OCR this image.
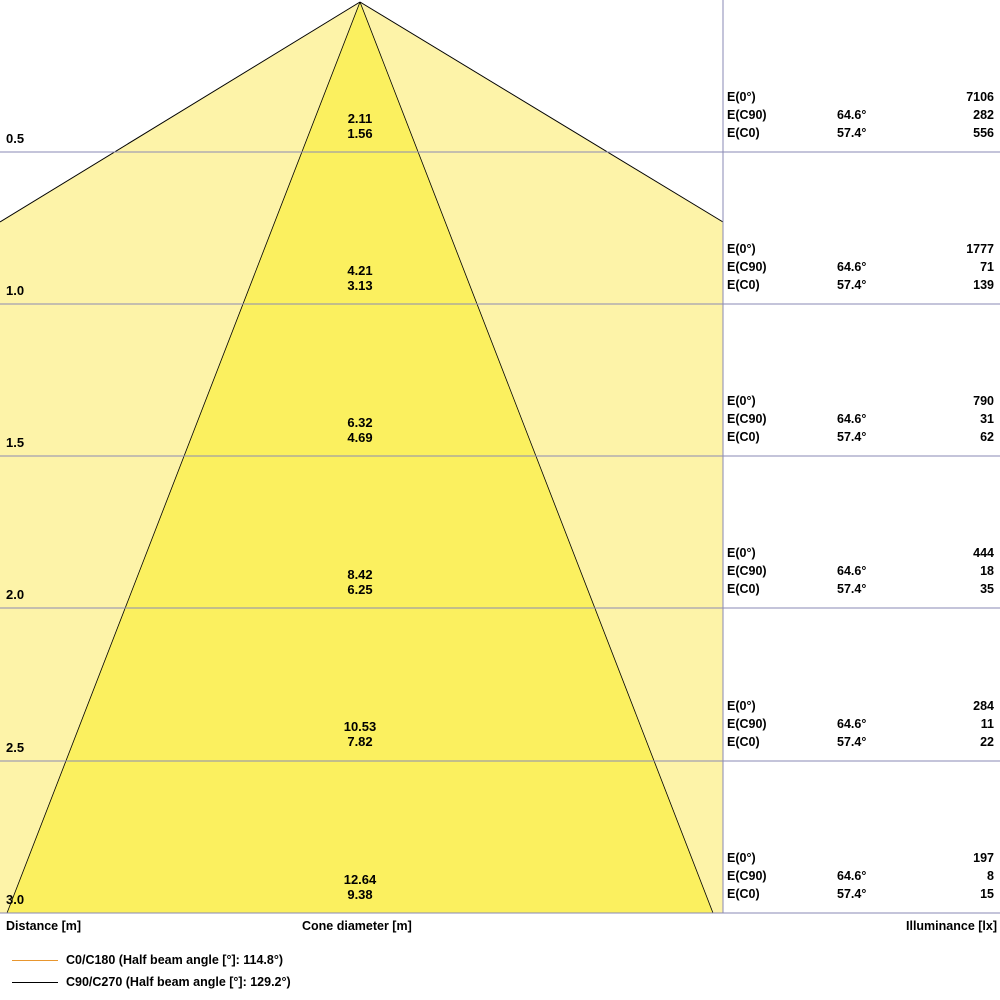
0.5
1.0
1.5
2.0
2.5
3.0
2.11
1.56
4.21
3.13
6.32
4.69
8.42
6.25
10.53
7.82
12.64
9.38
E(0°)	7106
E(C90)	64.6°	282
E(C0)	57.4°	556
E(0°)	1777
E(C90)	64.6°	71
E(C0)	57.4°	139
E(0°)	790
E(C90)	64.6°	31
E(C0)	57.4°	62
E(0°)	444
E(C90)	64.6°	18
E(C0)	57.4°	35
E(0°)	284
E(C90)	64.6°	11
E(C0)	57.4°	22
E(0°)	197
E(C90)	64.6°	8
E(C0)	57.4°	15
Distance [m]	Cone diameter [m]	Illuminance [lx]
C0/C180 (Half beam angle [°]: 114.8°)
C90/C270 (Half beam angle [°]: 129.2°)
